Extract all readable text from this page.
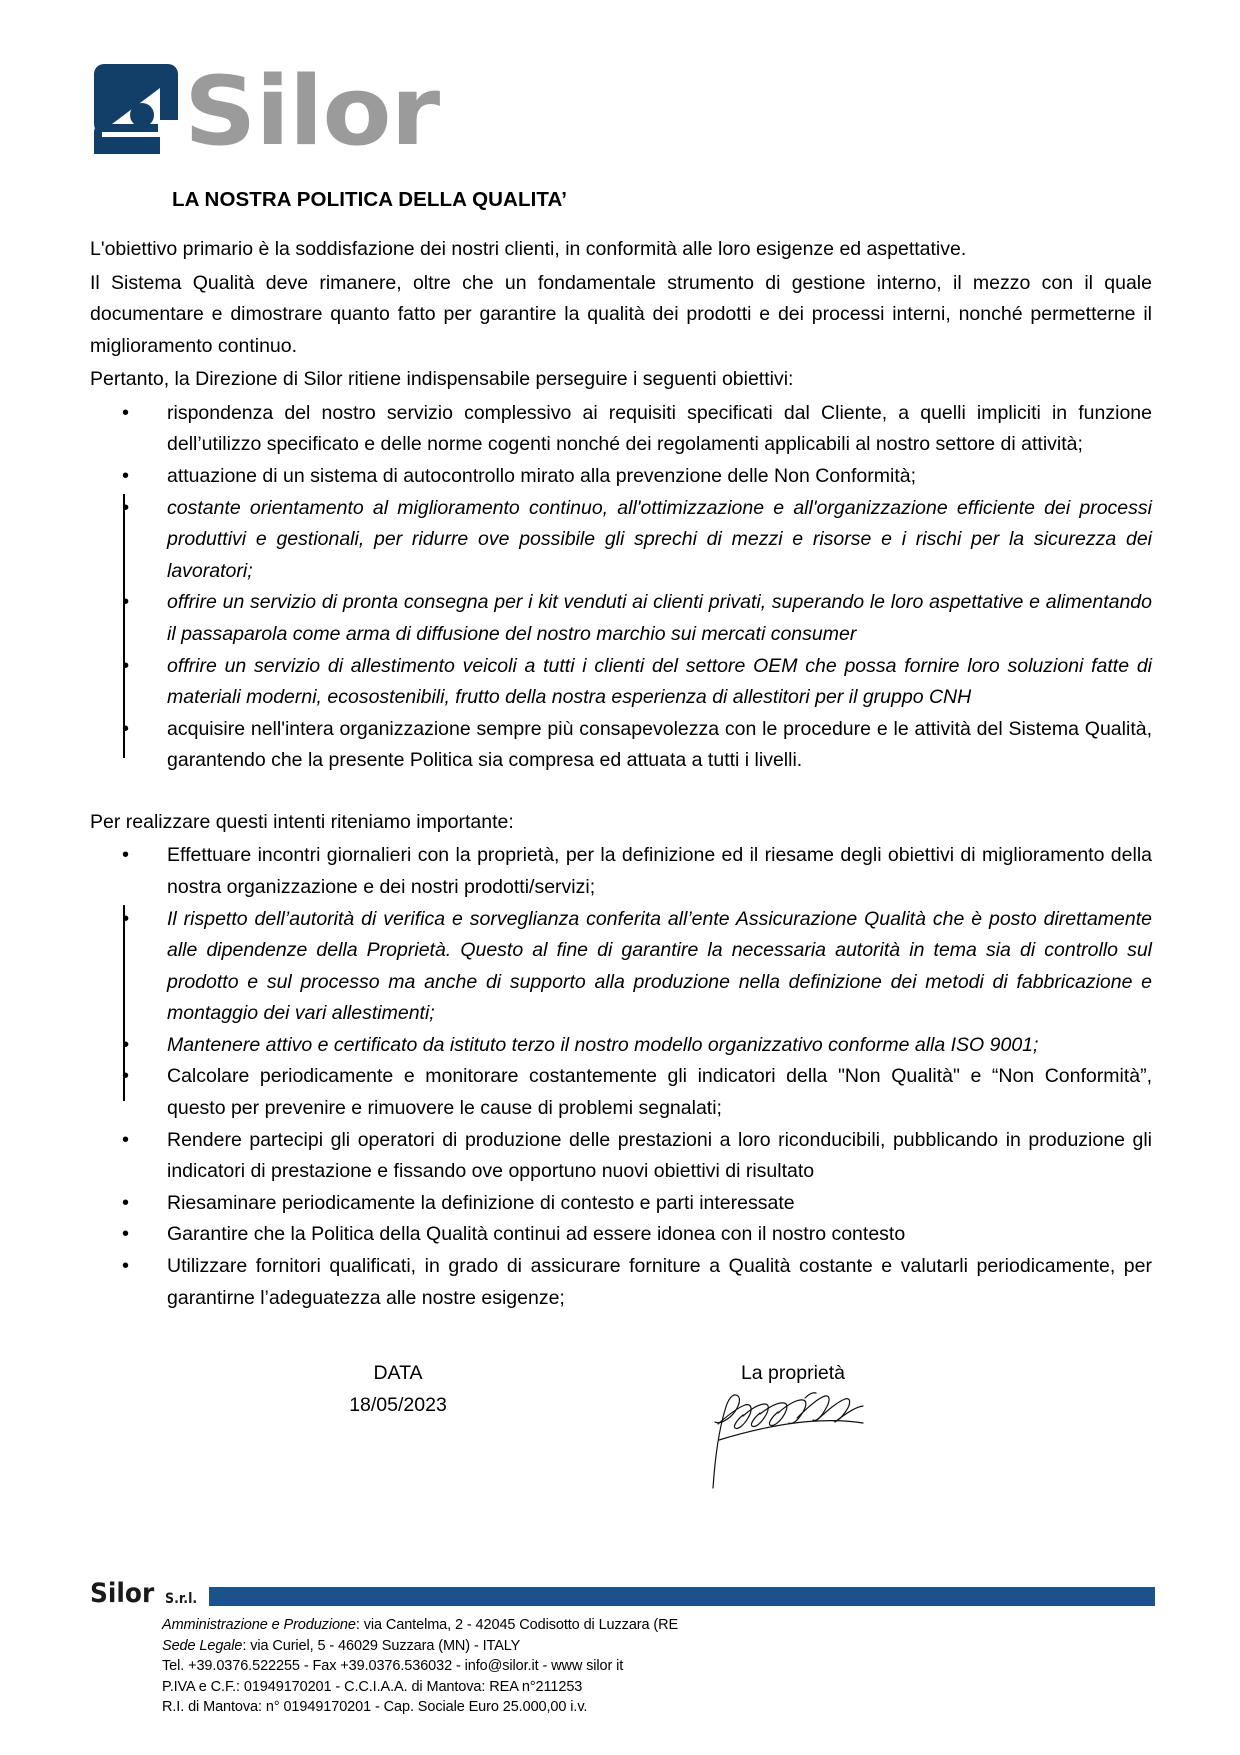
Silor
LA NOSTRA POLITICA DELLA QUALITA’

L'obiettivo primario è la soddisfazione dei nostri clienti, in conformità alle loro esigenze ed aspettative.

Il Sistema Qualità deve rimanere, oltre che un fondamentale strumento di gestione interno, il mezzo con il quale documentare e dimostrare quanto fatto per garantire la qualità dei prodotti e dei processi interni, nonché permetterne il miglioramento continuo.

Pertanto, la Direzione di Silor ritiene indispensabile perseguire i seguenti obiettivi:

• rispondenza del nostro servizio complessivo ai requisiti specificati dal Cliente, a quelli impliciti in funzione dell’utilizzo specificato e delle norme cogenti nonché dei regolamenti applicabili al nostro settore di attività;
• attuazione di un sistema di autocontrollo mirato alla prevenzione delle Non Conformità;
• costante orientamento al miglioramento continuo, all'ottimizzazione e all'organizzazione efficiente dei processi produttivi e gestionali, per ridurre ove possibile gli sprechi di mezzi e risorse e i rischi per la sicurezza dei lavoratori;
• offrire un servizio di pronta consegna per i kit venduti ai clienti privati, superando le loro aspettative e alimentando il passaparola come arma di diffusione del nostro marchio sui mercati consumer
• offrire un servizio di allestimento veicoli a tutti i clienti del settore OEM che possa fornire loro soluzioni fatte di materiali moderni, ecosostenibili, frutto della nostra esperienza di allestitori per il gruppo CNH
• acquisire nell'intera organizzazione sempre più consapevolezza con le procedure e le attività del Sistema Qualità, garantendo che la presente Politica sia compresa ed attuata a tutti i livelli.

Per realizzare questi intenti riteniamo importante:

• Effettuare incontri giornalieri con la proprietà, per la definizione ed il riesame degli obiettivi di miglioramento della nostra organizzazione e dei nostri prodotti/servizi;
• Il rispetto dell’autorità di verifica e sorveglianza conferita all’ente Assicurazione Qualità che è posto direttamente alle dipendenze della Proprietà. Questo al fine di garantire la necessaria autorità in tema sia di controllo sul prodotto e sul processo ma anche di supporto alla produzione nella definizione dei metodi di fabbricazione e montaggio dei vari allestimenti;
• Mantenere attivo e certificato da istituto terzo il nostro modello organizzativo conforme alla ISO 9001;
• Calcolare periodicamente e monitorare costantemente gli indicatori della "Non Qualità" e “Non Conformità”, questo per prevenire e rimuovere le cause di problemi segnalati;
• Rendere partecipi gli operatori di produzione delle prestazioni a loro riconducibili, pubblicando in produzione gli indicatori di prestazione e fissando ove opportuno nuovi obiettivi di risultato
• Riesaminare periodicamente la definizione di contesto e parti interessate
• Garantire che la Politica della Qualità continui ad essere idonea con il nostro contesto
• Utilizzare fornitori qualificati, in grado di assicurare forniture a Qualità costante e valutarli periodicamente, per garantirne l’adeguatezza alle nostre esigenze;
DATA
18/05/2023
La proprietà
Silor S.r.l.
Amministrazione e Produzione: via Cantelma, 2 - 42045 Codisotto di Luzzara (RE
Sede Legale: via Curiel, 5 - 46029 Suzzara (MN) - ITALY
Tel. +39.0376.522255 - Fax +39.0376.536032 - info@silor.it - www silor it
P.IVA e C.F.: 01949170201 - C.C.I.A.A. di Mantova: REA n°211253
R.I. di Mantova: n° 01949170201 - Cap. Sociale Euro 25.000,00 i.v.
